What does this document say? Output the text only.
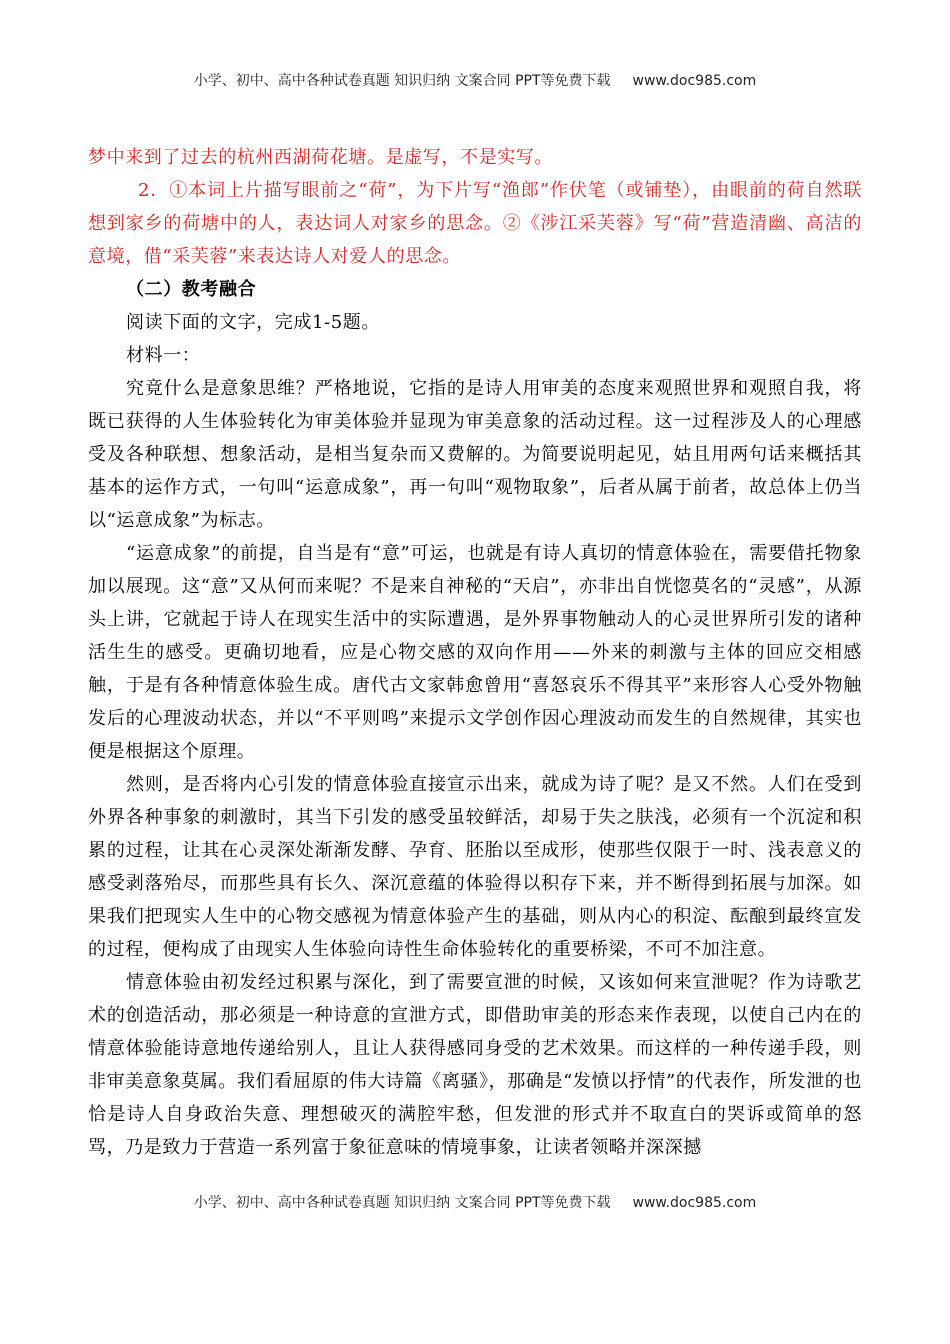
小学、初中、高中各种试卷真题 知识归纳 文案合同 PPT等免费下载 www.doc985.com

梦中来到了过去的杭州西湖荷花塘。是虚写，不是实写。

2．①本词上片描写眼前之“荷”，为下片写“渔郎”作伏笔（或铺垫），由眼前的荷自然联想到家乡的荷塘中的人，表达词人对家乡的思念。②《涉江采芙蓉》写“荷”营造清幽、高洁的意境，借“采芙蓉”来表达诗人对爱人的思念。

（二）教考融合

阅读下面的文字，完成1-5题。

材料一：

究竟什么是意象思维？严格地说，它指的是诗人用审美的态度来观照世界和观照自我，将既已获得的人生体验转化为审美体验并显现为审美意象的活动过程。这一过程涉及人的心理感受及各种联想、想象活动，是相当复杂而又费解的。为简要说明起见，姑且用两句话来概括其基本的运作方式，一句叫“运意成象”，再一句叫“观物取象”，后者从属于前者，故总体上仍当以“运意成象”为标志。

“运意成象”的前提，自当是有“意”可运，也就是有诗人真切的情意体验在，需要借托物象加以展现。这“意”又从何而来呢？不是来自神秘的“天启”，亦非出自恍惚莫名的“灵感”，从源头上讲，它就起于诗人在现实生活中的实际遭遇，是外界事物触动人的心灵世界所引发的诸种活生生的感受。更确切地看，应是心物交感的双向作用——外来的刺激与主体的回应交相感触，于是有各种情意体验生成。唐代古文家韩愈曾用“喜怒哀乐不得其平”来形容人心受外物触发后的心理波动状态，并以“不平则鸣”来提示文学创作因心理波动而发生的自然规律，其实也便是根据这个原理。

然则，是否将内心引发的情意体验直接宣示出来，就成为诗了呢？是又不然。人们在受到外界各种事象的刺激时，其当下引发的感受虽较鲜活，却易于失之肤浅，必须有一个沉淀和积累的过程，让其在心灵深处渐渐发酵、孕育、胚胎以至成形，使那些仅限于一时、浅表意义的感受剥落殆尽，而那些具有长久、深沉意蕴的体验得以积存下来，并不断得到拓展与加深。如果我们把现实人生中的心物交感视为情意体验产生的基础，则从内心的积淀、酝酿到最终宣发的过程，便构成了由现实人生体验向诗性生命体验转化的重要桥梁，不可不加注意。

情意体验由初发经过积累与深化，到了需要宣泄的时候，又该如何来宣泄呢？作为诗歌艺术的创造活动，那必须是一种诗意的宣泄方式，即借助审美的形态来作表现，以使自己内在的情意体验能诗意地传递给别人，且让人获得感同身受的艺术效果。而这样的一种传递手段，则非审美意象莫属。我们看屈原的伟大诗篇《离骚》，那确是“发愤以抒情”的代表作，所发泄的也恰是诗人自身政治失意、理想破灭的满腔牢愁，但发泄的形式并不取直白的哭诉或简单的怒骂，乃是致力于营造一系列富于象征意味的情境事象，让读者领略并深深撼

小学、初中、高中各种试卷真题 知识归纳 文案合同 PPT等免费下载 www.doc985.com
